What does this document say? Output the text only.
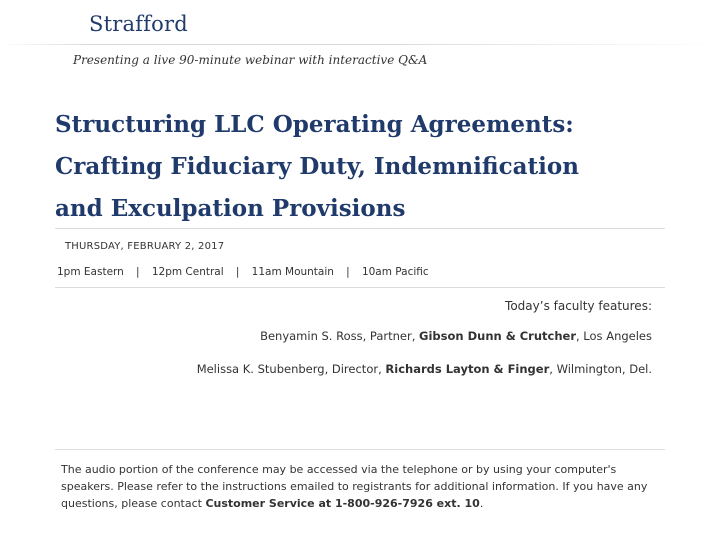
Strafford
Presenting a live 90-minute webinar with interactive Q&A
Structuring LLC Operating Agreements:
Crafting Fiduciary Duty, Indemnification
and Exculpation Provisions
THURSDAY, FEBRUARY 2, 2017
1pm Eastern | 12pm Central | 11am Mountain | 10am Pacific
Today’s faculty features:
Benyamin S. Ross, Partner, Gibson Dunn & Crutcher, Los Angeles
Melissa K. Stubenberg, Director, Richards Layton & Finger, Wilmington, Del.
The audio portion of the conference may be accessed via the telephone or by using your computer's speakers. Please refer to the instructions emailed to registrants for additional information. If you have any questions, please contact Customer Service at 1-800-926-7926 ext. 10.
